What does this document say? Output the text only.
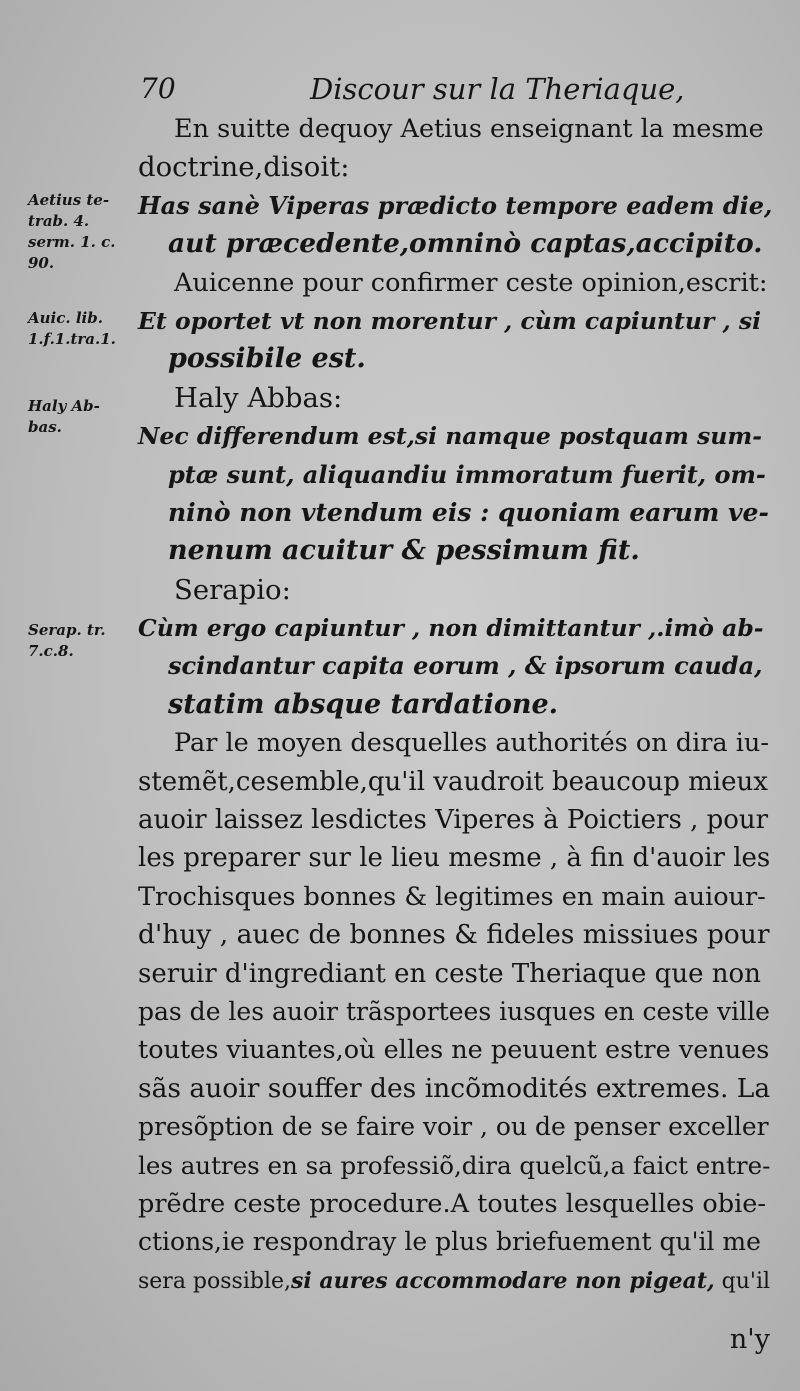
70	Discour sur la Theriaque,
Aetius te-
trab. 4.
serm. 1. c.
90.
Auic. lib.
1.f.1.tra.1.
Haly Ab-
bas.
Serap. tr.
7.c.8.
En suitte dequoy Aetius enseignant la mesme
doctrine,disoit:
Has sanè Viperas prædicto tempore eadem die,
aut præcedente,omninò captas,accipito.
Auicenne pour confirmer ceste opinion,escrit:
Et oportet vt non morentur , cùm capiuntur , si
possibile est.
Haly Abbas:
Nec differendum est,si namque postquam sum-
ptæ sunt, aliquandiu immoratum fuerit, om-
ninò non vtendum eis : quoniam earum ve-
nenum acuitur & pessimum fit.
Serapio:
Cùm ergo capiuntur , non dimittantur ,.imò ab-
scindantur capita eorum , & ipsorum cauda,
statim absque tardatione.
Par le moyen desquelles authorités on dira iu-
stemẽt,cesemble,qu'il vaudroit beaucoup mieux
auoir laissez lesdictes Viperes à Poictiers , pour
les preparer sur le lieu mesme , à fin d'auoir les
Trochisques bonnes & legitimes en main auiour-
d'huy , auec de bonnes & fideles missiues pour
seruir d'ingrediant en ceste Theriaque que non
pas de les auoir trãsportees iusques en ceste ville
toutes viuantes,où elles ne peuuent estre venues
sãs auoir souffer des incõmodités extremes. La
presõption de se faire voir , ou de penser exceller
les autres en sa professiõ,dira quelcũ,a faict entre-
prẽdre ceste procedure.A toutes lesquelles obie-
ctions,ie respondray le plus briefuement qu'il me
sera possible,si aures accommodare non pigeat, qu'il
n'y
